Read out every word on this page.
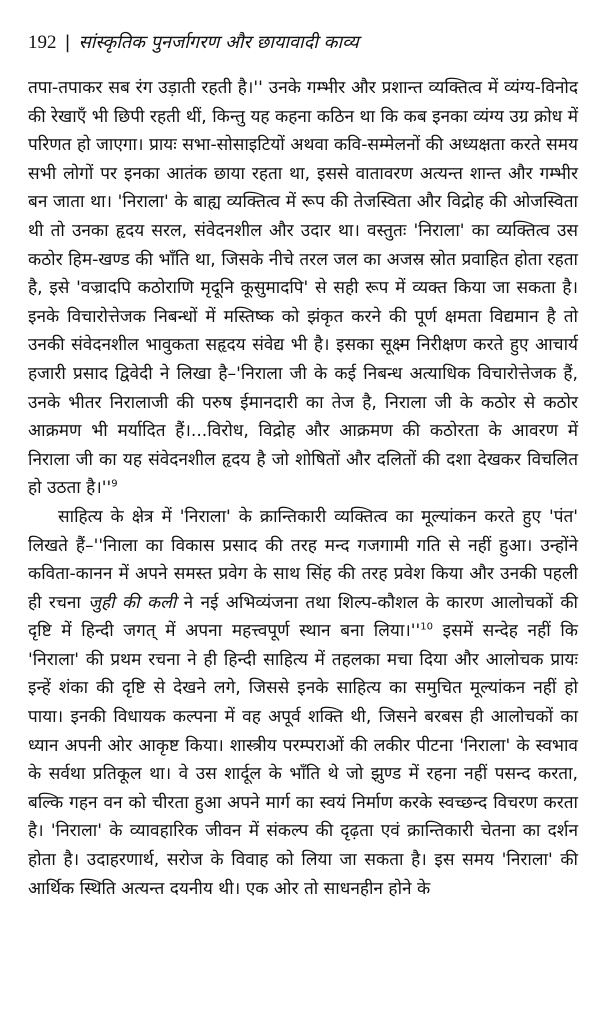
192 | सांस्कृतिक पुनर्जागरण और छायावादी काव्य

तपा-तपाकर सब रंग उड़ाती रहती है।'' उनके गम्भीर और प्रशान्त व्यक्तित्व में व्यंग्य-विनोद की रेखाएँ भी छिपी रहती थीं, किन्तु यह कहना कठिन था कि कब इनका व्यंग्य उग्र क्रोध में परिणत हो जाएगा। प्रायः सभा-सोसाइटियों अथवा कवि-सम्मेलनों की अध्यक्षता करते समय सभी लोगों पर इनका आतंक छाया रहता था, इससे वातावरण अत्यन्त शान्त और गम्भीर बन जाता था। 'निराला' के बाह्य व्यक्तित्व में रूप की तेजस्विता और विद्रोह की ओजस्विता थी तो उनका हृदय सरल, संवेदनशील और उदार था। वस्तुतः 'निराला' का व्यक्तित्व उस कठोर हिम-खण्ड की भाँति था, जिसके नीचे तरल जल का अजस्र स्रोत प्रवाहित होता रहता है, इसे 'वज्रादपि कठोराणि मृदूनि कूसुमादपि' से सही रूप में व्यक्त किया जा सकता है। इनके विचारोत्तेजक निबन्धों में मस्तिष्क को झंकृत करने की पूर्ण क्षमता विद्यमान है तो उनकी संवेदनशील भावुकता सहृदय संवेद्य भी है। इसका सूक्ष्म निरीक्षण करते हुए आचार्य हजारी प्रसाद द्विवेदी ने लिखा है–'निराला जी के कई निबन्ध अत्याधिक विचारोत्तेजक हैं, उनके भीतर निरालाजी की परुष ईमानदारी का तेज है, निराला जी के कठोर से कठोर आक्रमण भी मर्यादित हैं।...विरोध, विद्रोह और आक्रमण की कठोरता के आवरण में निराला जी का यह संवेदनशील हृदय है जो शोषितों और दलितों की दशा देखकर विचलित हो उठता $है।''^9$

साहित्य के क्षेत्र में 'निराला' के क्रान्तिकारी व्यक्तित्व का मूल्यांकन करते हुए 'पंत' लिखते हैं–''निाला का विकास प्रसाद की तरह मन्द गजगामी गति से नहीं हुआ। उन्होंने कविता-कानन में अपने समस्त प्रवेग के साथ सिंह की तरह प्रवेश किया और उनकी पहली ही रचना जुही की कली ने नई अभिव्यंजना तथा शिल्प-कौशल के कारण आलोचकों की दृष्टि में हिन्दी जगत् में अपना महत्त्वपूर्ण स्थान बना $लिया।''^{10}$ इसमें सन्देह नहीं कि 'निराला' की प्रथम रचना ने ही हिन्दी साहित्य में तहलका मचा दिया और आलोचक प्रायः इन्हें शंका की दृष्टि से देखने लगे, जिससे इनके साहित्य का समुचित मूल्यांकन नहीं हो पाया। इनकी विधायक कल्पना में वह अपूर्व शक्ति थी, जिसने बरबस ही आलोचकों का ध्यान अपनी ओर आकृष्ट किया। शास्त्रीय परम्पराओं की लकीर पीटना 'निराला' के स्वभाव के सर्वथा प्रतिकूल था। वे उस शार्दूल के भाँति थे जो झुण्ड में रहना नहीं पसन्द करता, बल्कि गहन वन को चीरता हुआ अपने मार्ग का स्वयं निर्माण करके स्वच्छन्द विचरण करता है। 'निराला' के व्यावहारिक जीवन में संकल्प की दृढ़ता एवं क्रान्तिकारी चेतना का दर्शन होता है। उदाहरणार्थ, सरोज के विवाह को लिया जा सकता है। इस समय 'निराला' की आर्थिक स्थिति अत्यन्त दयनीय थी। एक ओर तो साधनहीन होने के
